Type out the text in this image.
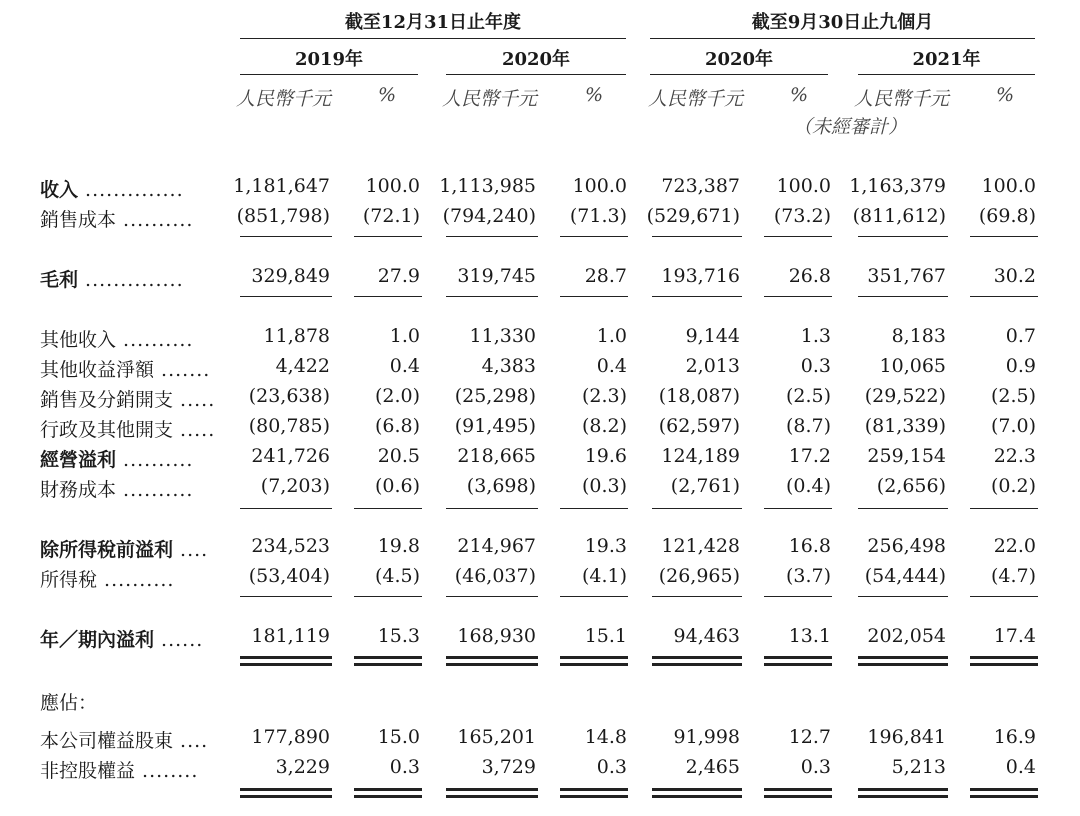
截至12月31日止年度	截至9月30日止九個月
2019年	2020年	2020年	2021年
人民幣千元 % 人民幣千元	% 人民幣千元 % 人民幣千元 %
（未經審計）
收入 ..............	1,181,647 100.0 1,113,985 100.0 723,387 100.0 1,163,379 100.0
銷售成本 .......... (851,798) (72.1) (794,240) (71.3) (529,671) (73.2) (811,612) (69.8)
毛利 ..............	329,849	27.9 319,745	28.7 193,716	26.8 351,767	30.2
其他收入 ..........	11,878	1.0	11,330	1.0	9,144	1.3	8,183	0.7
其他收益淨額 .......	4,422	0.4	4,383	0.4	2,013	0.3	10,065	0.9
銷售及分銷開支 ..... (23,638) (2.0) (25,298) (2.3) (18,087) (2.5) (29,522) (2.5)
行政及其他開支 ..... (80,785) (6.8) (91,495) (8.2) (62,597) (8.7) (81,339) (7.0)
經營溢利 ..........	241,726	20.5 218,665	19.6 124,189	17.2 259,154	22.3
財務成本 ..........	(7,203) (0.6) (3,698) (0.3) (2,761) (0.4) (2,656) (0.2)
除所得稅前溢利 .... 234,523	19.8 214,967	19.3 121,428	16.8 256,498	22.0
所得稅 ..........	(53,404) (4.5) (46,037) (4.1) (26,965) (3.7) (54,444) (4.7)
年／期內溢利 ......	181,119	15.3 168,930	15.1 94,463	13.1 202,054	17.4
應佔：
本公司權益股東 .... 177,890	15.0 165,201	14.8 91,998	12.7 196,841	16.9
非控股權益 ........	3,229	0.3	3,729	0.3	2,465	0.3	5,213	0.4
